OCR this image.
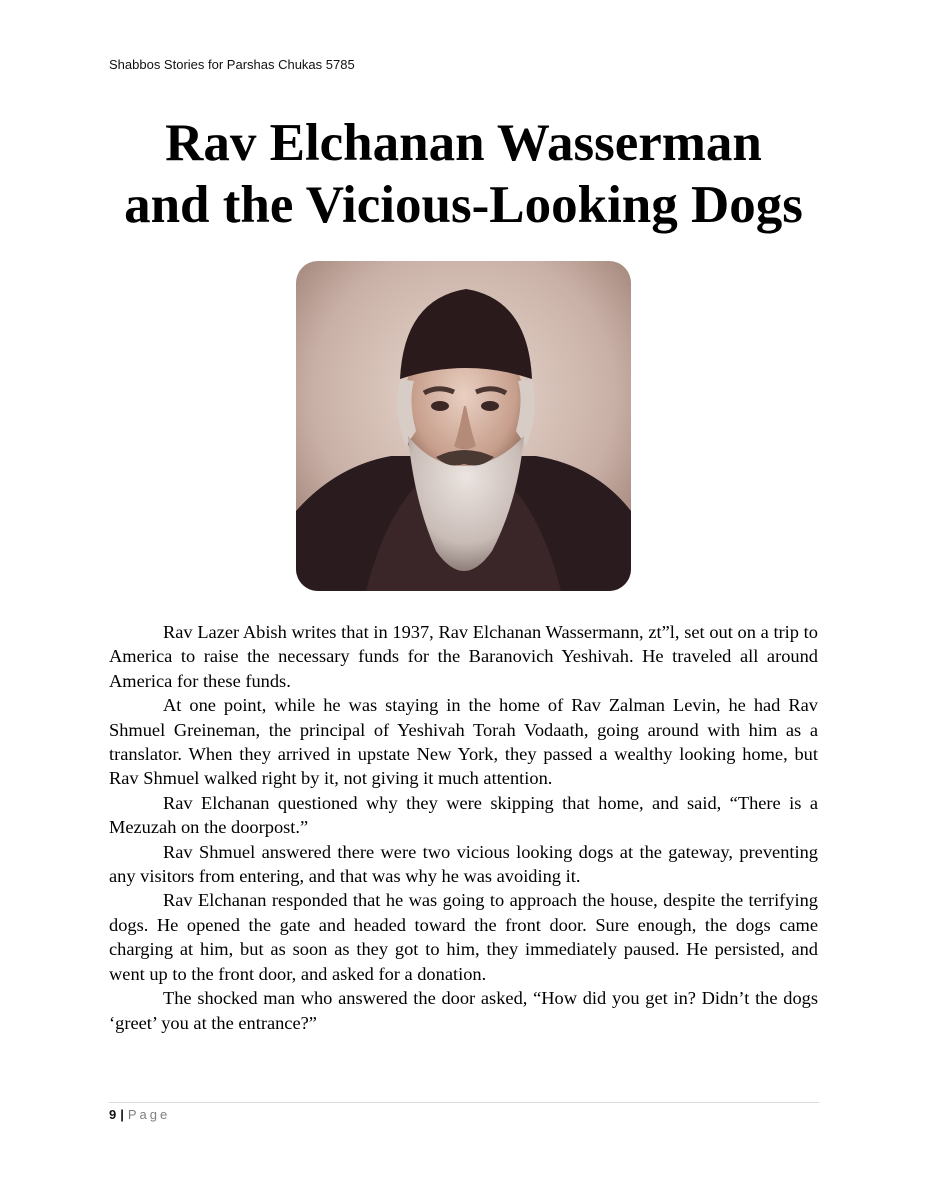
Shabbos Stories for Parshas Chukas 5785
Rav Elchanan Wasserman
and the Vicious-Looking Dogs

Rav Lazer Abish writes that in 1937, Rav Elchanan Wassermann, zt”l, set out on a trip to America to raise the necessary funds for the Baranovich Yeshivah. He traveled all around America for these funds.

At one point, while he was staying in the home of Rav Zalman Levin, he had Rav Shmuel Greineman, the principal of Yeshivah Torah Vodaath, going around with him as a translator. When they arrived in upstate New York, they passed a wealthy looking home, but Rav Shmuel walked right by it, not giving it much attention.

Rav Elchanan questioned why they were skipping that home, and said, “There is a Mezuzah on the doorpost.”

Rav Shmuel answered there were two vicious looking dogs at the gateway, preventing any visitors from entering, and that was why he was avoiding it.

Rav Elchanan responded that he was going to approach the house, despite the terrifying dogs. He opened the gate and headed toward the front door. Sure enough, the dogs came charging at him, but as soon as they got to him, they immediately paused. He persisted, and went up to the front door, and asked for a donation.

The shocked man who answered the door asked, “How did you get in? Didn’t the dogs ‘greet’ you at the entrance?”

9 | Page
